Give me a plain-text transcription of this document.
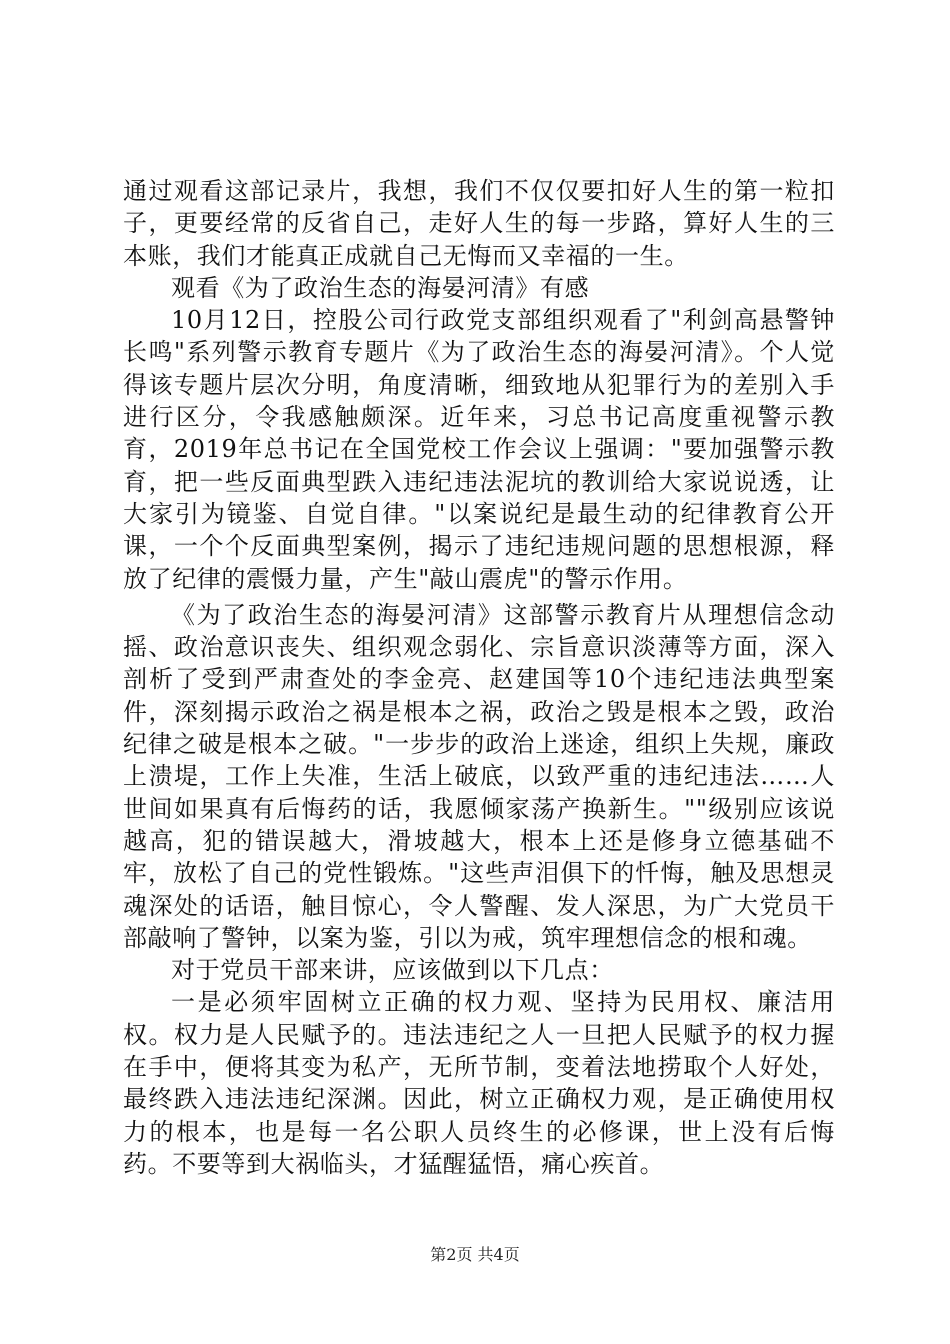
通过观看这部记录片，我想，我们不仅仅要扣好人生的第一粒扣子，更要经常的反省自己，走好人生的每一步路，算好人生的三本账，我们才能真正成就自己无悔而又幸福的一生。

观看《为了政治生态的海晏河清》有感

10月12日，控股公司行政党支部组织观看了"利剑高悬警钟长鸣"系列警示教育专题片《为了政治生态的海晏河清》。个人觉得该专题片层次分明，角度清晰，细致地从犯罪行为的差别入手进行区分，令我感触颇深。近年来，习总书记高度重视警示教育，2019年总书记在全国党校工作会议上强调："要加强警示教育，把一些反面典型跌入违纪违法泥坑的教训给大家说说透，让大家引为镜鉴、自觉自律。"以案说纪是最生动的纪律教育公开课，一个个反面典型案例，揭示了违纪违规问题的思想根源，释放了纪律的震慑力量，产生"敲山震虎"的警示作用。

《为了政治生态的海晏河清》这部警示教育片从理想信念动摇、政治意识丧失、组织观念弱化、宗旨意识淡薄等方面，深入剖析了受到严肃查处的李金亮、赵建国等10个违纪违法典型案件，深刻揭示政治之祸是根本之祸，政治之毁是根本之毁，政治纪律之破是根本之破。"一步步的政治上迷途，组织上失规，廉政上溃堤，工作上失准，生活上破底，以致严重的违纪违法……人世间如果真有后悔药的话，我愿倾家荡产换新生。""级别应该说越高，犯的错误越大，滑坡越大，根本上还是修身立德基础不牢，放松了自己的党性锻炼。"这些声泪俱下的忏悔，触及思想灵魂深处的话语，触目惊心，令人警醒、发人深思，为广大党员干部敲响了警钟，以案为鉴，引以为戒，筑牢理想信念的根和魂。

对于党员干部来讲，应该做到以下几点：

一是必须牢固树立正确的权力观、坚持为民用权、廉洁用权。权力是人民赋予的。违法违纪之人一旦把人民赋予的权力握在手中，便将其变为私产，无所节制，变着法地捞取个人好处，最终跌入违法违纪深渊。因此，树立正确权力观，是正确使用权力的根本，也是每一名公职人员终生的必修课，世上没有后悔药。不要等到大祸临头，才猛醒猛悟，痛心疾首。

第2页 共4页
